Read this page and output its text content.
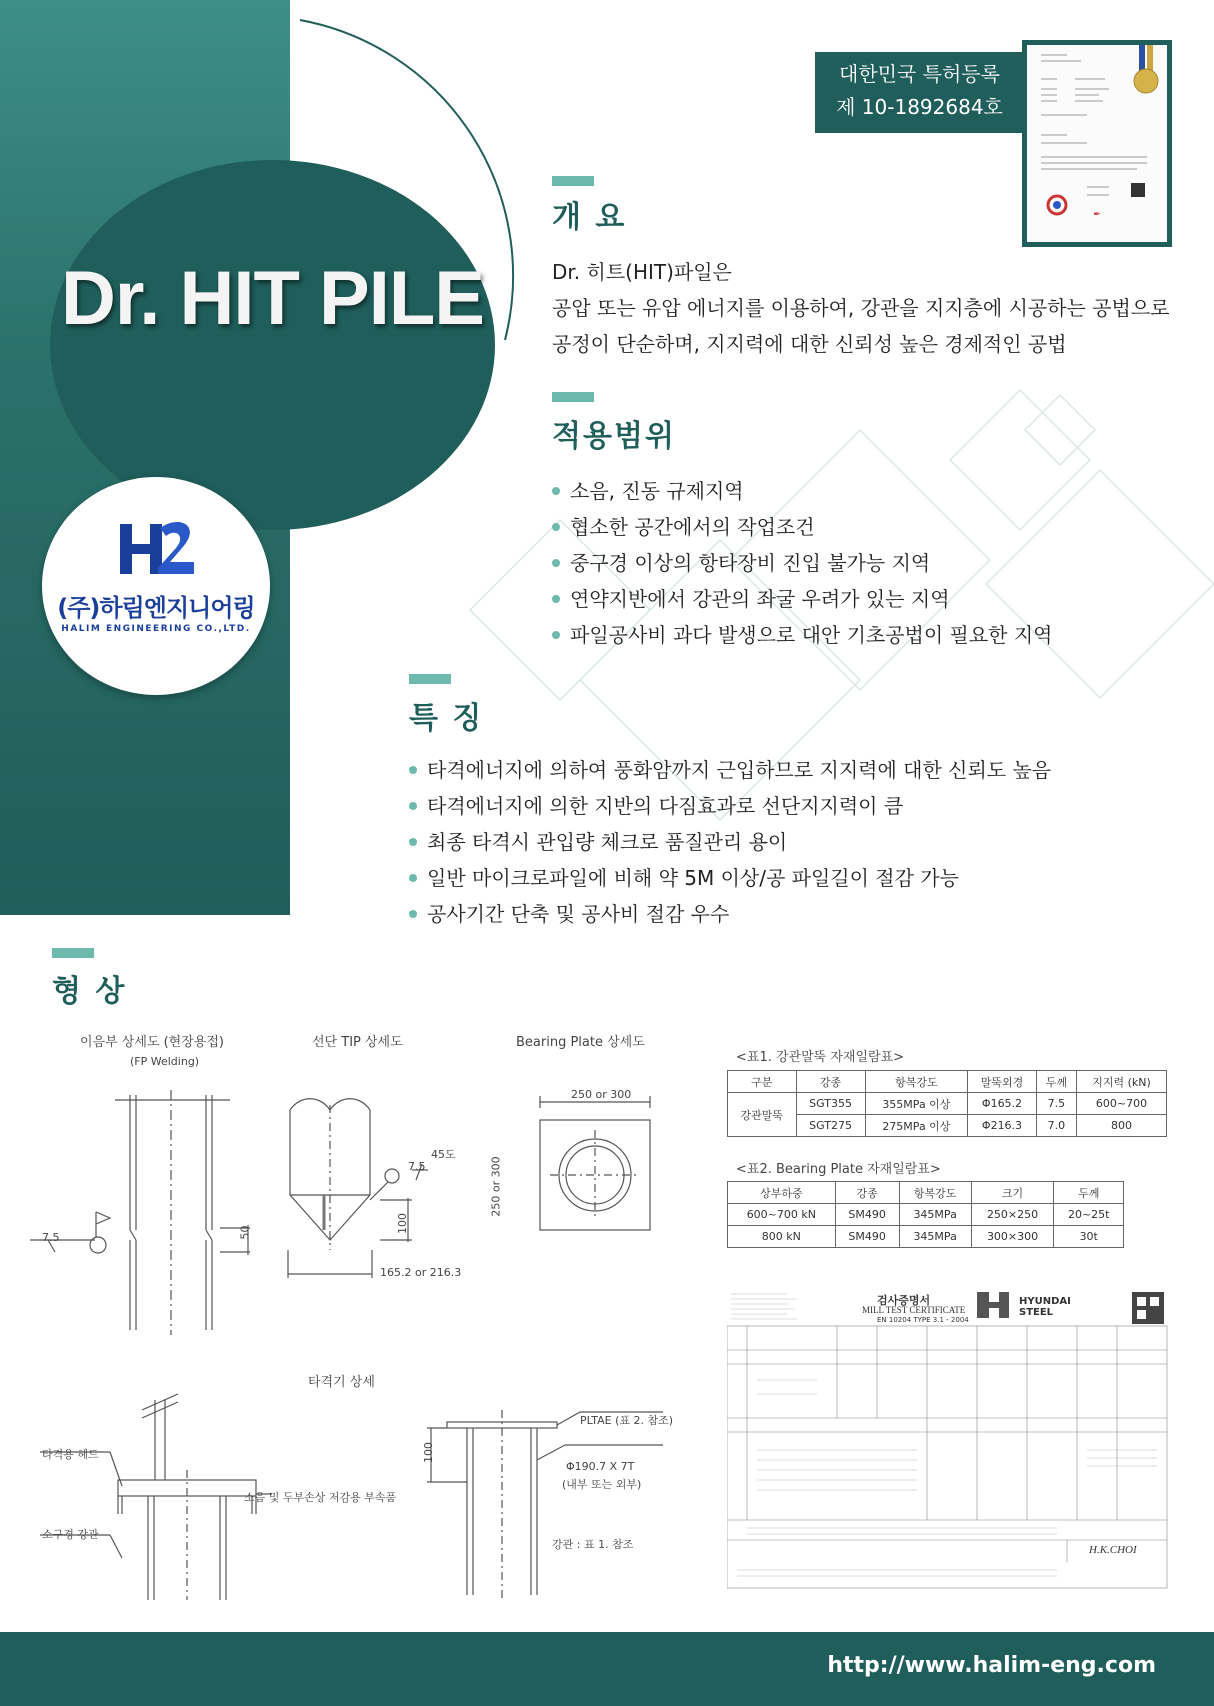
Dr. HIT PILE
(주)하림엔지니어링
HALIM ENGINEERING CO.,LTD.
대한민국 특허등록
제 10-1892684호
✒
개 요
Dr. 히트(HIT)파일은
공압 또는 유압 에너지를 이용하여, 강관을 지지층에 시공하는 공법으로
공정이 단순하며, 지지력에 대한 신뢰성 높은 경제적인 공법
적용범위
소음, 진동 규제지역
협소한 공간에서의 작업조건
중구경 이상의 항타장비 진입 불가능 지역
연약지반에서 강관의 좌굴 우려가 있는 지역
파일공사비 과다 발생으로 대안 기초공법이 필요한 지역
특 징
타격에너지에 의하여 풍화암까지 근입하므로 지지력에 대한 신뢰도 높음
타격에너지에 의한 지반의 다짐효과로 선단지지력이 큼
최종 타격시 관입량 체크로 품질관리 용이
일반 마이크로파일에 비해 약 5M 이상/공 파일길이 절감 가능
공사기간 단축 및 공사비 절감 우수
형 상
이음부 상세도 (현장용접)
(FP Welding)
7.5	50
선단 TIP 상세도
45도
7.5
100
165.2 or 216.3
Bearing Plate 상세도
250 or 300
250 or 300
타격기 상세
타격용 헤드
소구경 강관
소음 및 두부손상 저감용 부속품
100
PLTAE (표 2. 참조)
Φ190.7 X 7T
(내부 또는 외부)
강관 : 표 1. 참조
<표1. 강관말뚝 자재일람표>
구분	강종	항복강도	말뚝외경	두께	지지력 (kN)
강관말뚝	SGT355	355MPa 이상	Φ165.2	7.5	600~700
	SGT275	275MPa 이상	Φ216.3	7.0	800
<표2. Bearing Plate 자재일람표>
상부하중	강종	항복강도	크기	두께
600~700 kN	SM490	345MPa	250×250	20~25t
800 kN	SM490	345MPa	300×300	30t
검사증명서
MILL TEST CERTIFICATE
EN 10204 TYPE 3.1 - 2004
HYUNDAI STEEL
H.K.CHOI
http://www.halim-eng.com
